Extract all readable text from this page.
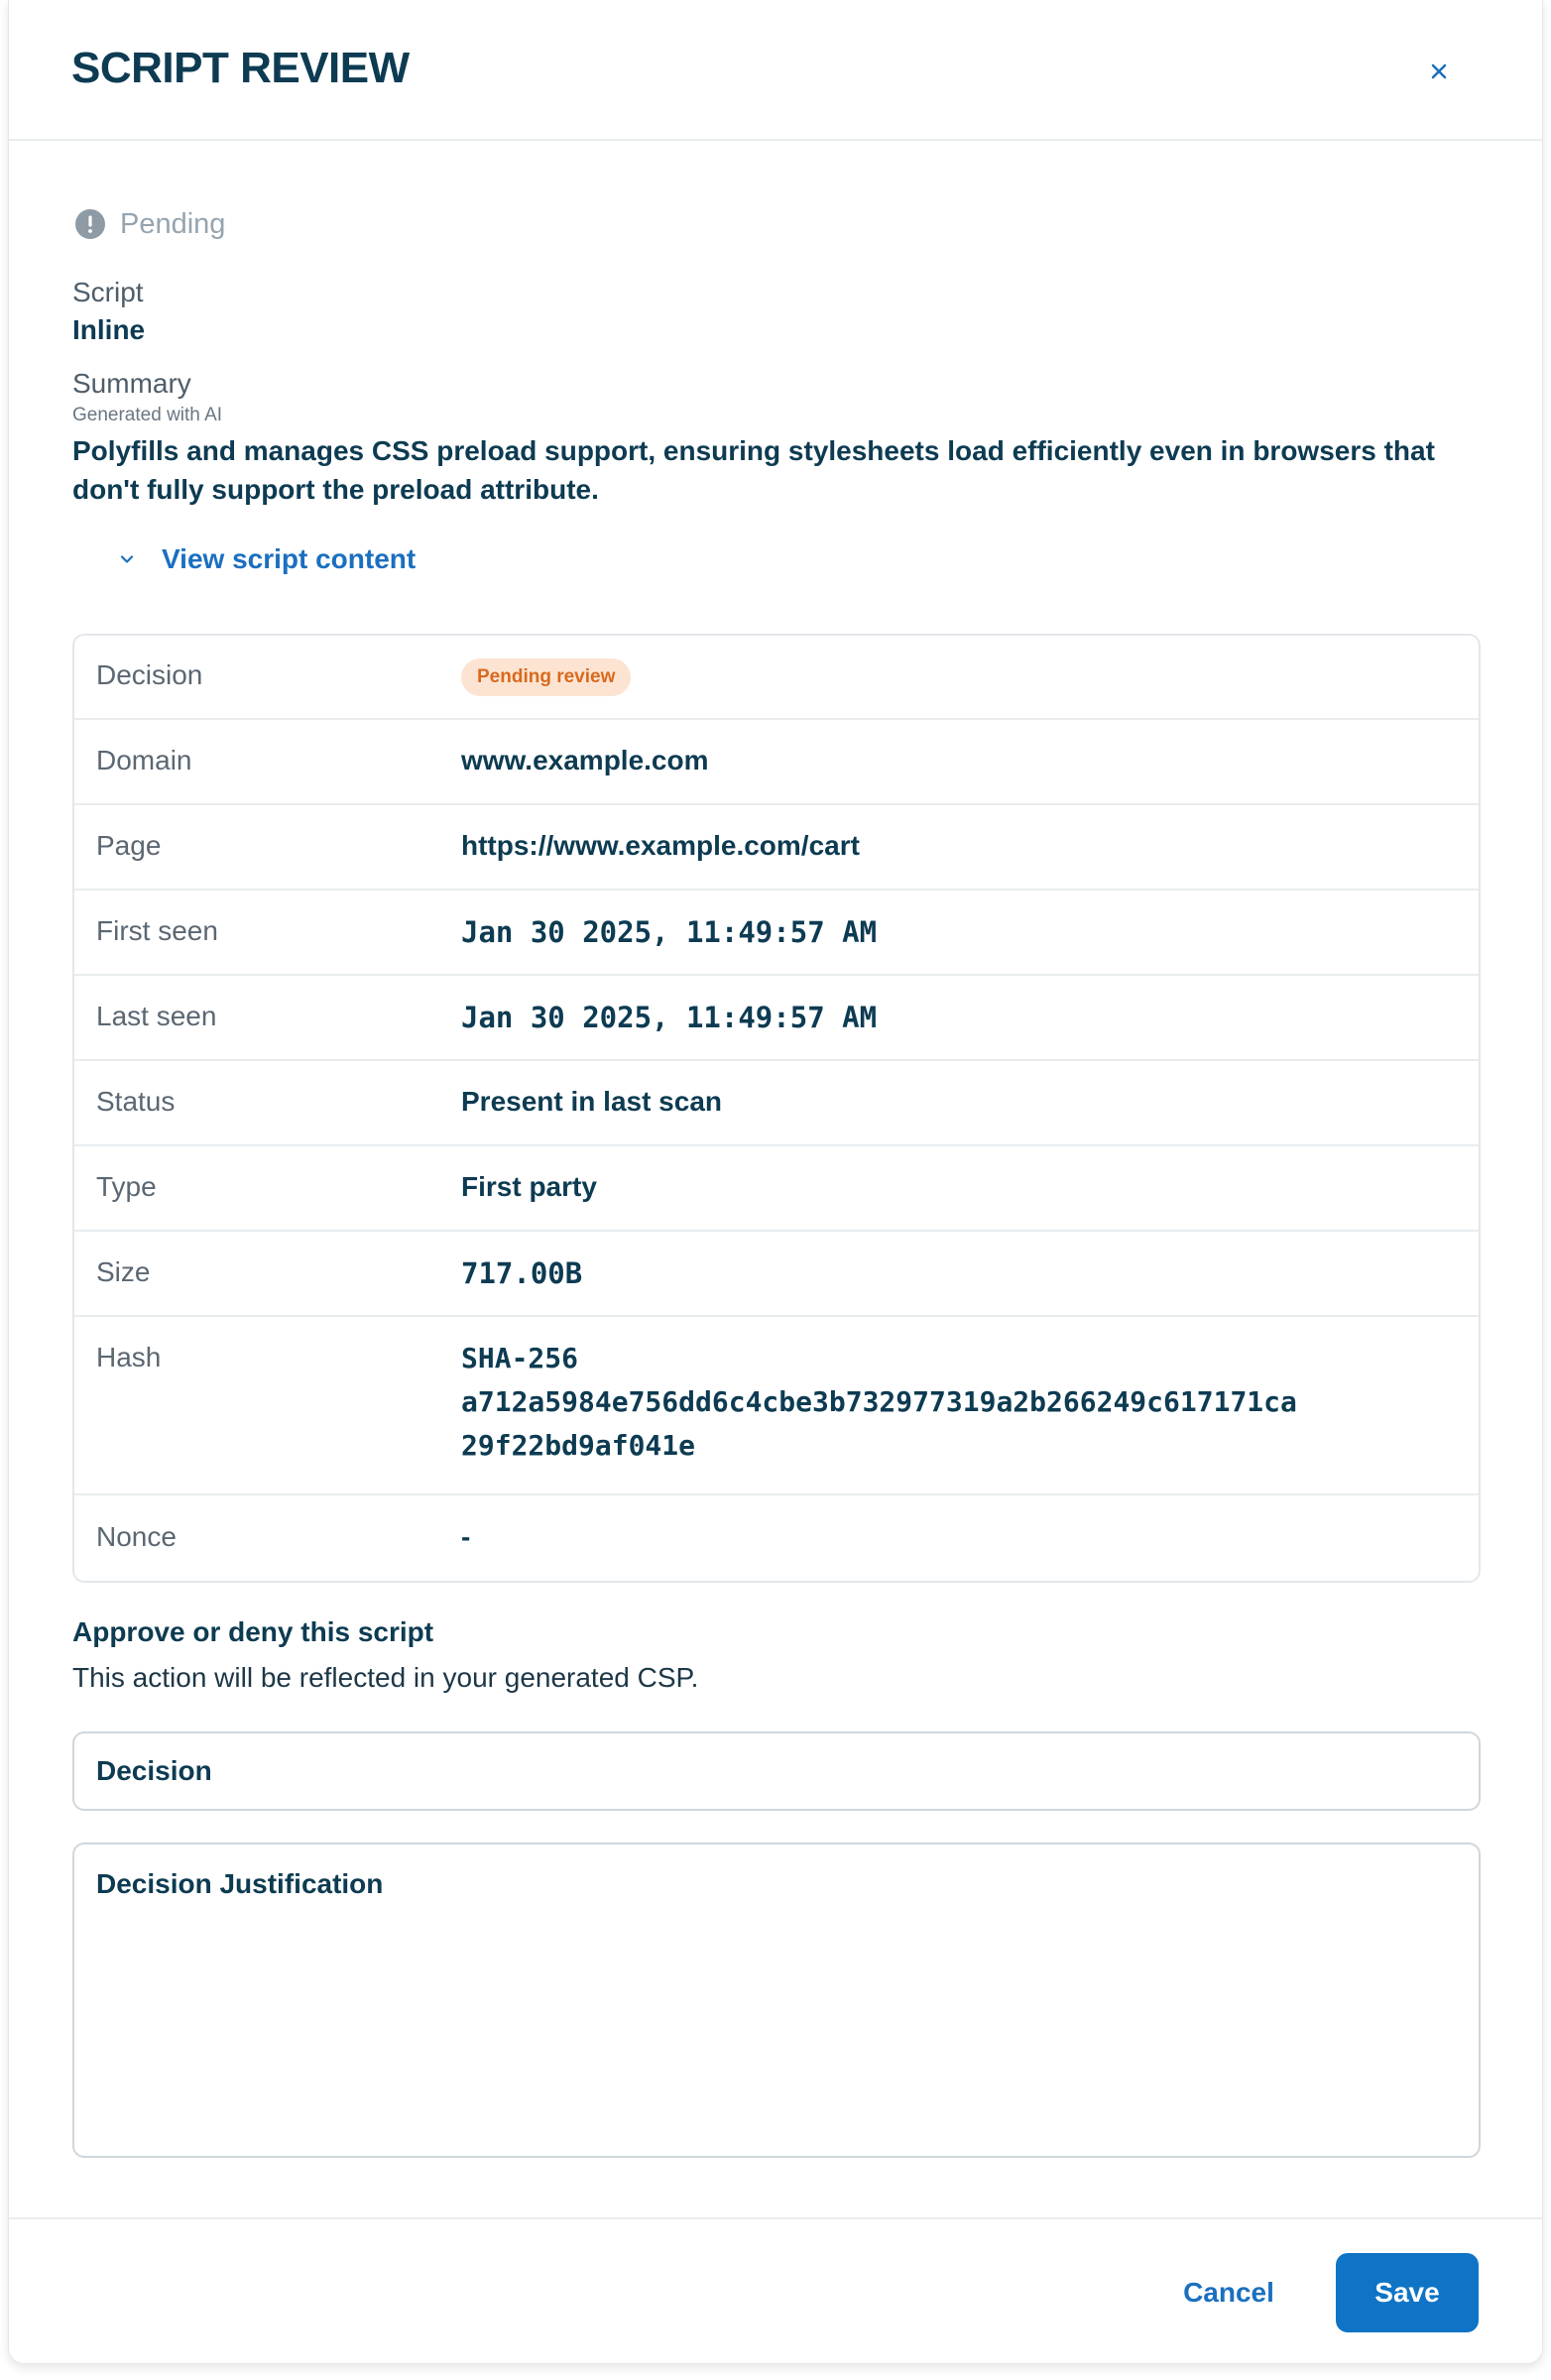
SCRIPT REVIEW
Pending
Script
Inline
Summary
Generated with AI
Polyfills and manages CSS preload support, ensuring stylesheets load efficiently even in browsers that don't fully support the preload attribute.
View script content
Decision	Pending review
Domain	www.example.com
Page	https://www.example.com/cart
First seen	Jan 30 2025, 11:49:57 AM
Last seen	Jan 30 2025, 11:49:57 AM
Status	Present in last scan
Type	First party
Size	717.00B
Hash	SHA-256
a712a5984e756dd6c4cbe3b732977319a2b266249c617171ca
29f22bd9af041e
Nonce	-
Approve or deny this script
This action will be reflected in your generated CSP.
Decision
Decision Justification
Cancel	Save
